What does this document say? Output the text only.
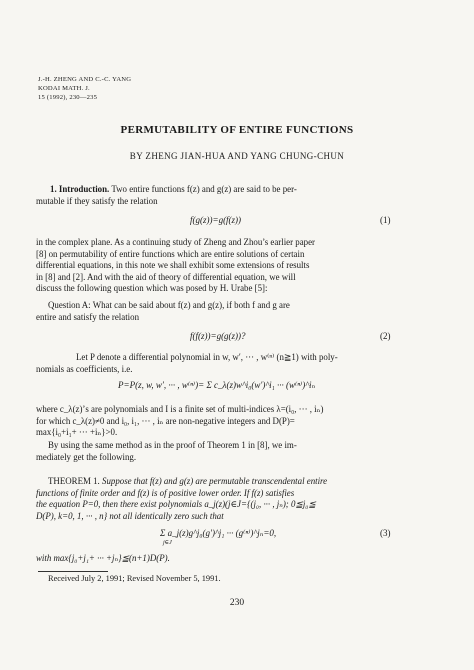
J.-H. ZHENG AND C.-C. YANG
KODAI MATH. J.
15 (1992), 230—235
PERMUTABILITY OF ENTIRE FUNCTIONS
BY ZHENG JIAN-HUA AND YANG CHUNG-CHUN
1. Introduction. Two entire functions f(z) and g(z) are said to be per-
mutable if they satisfy the relation
f(g(z))=g(f(z))	(1)
in the complex plane. As a continuing study of Zheng and Zhou’s earlier paper
[8] on permutability of entire functions which are entire solutions of certain
differential equations, in this note we shall exhibit some extensions of results
in [8] and [2]. And with the aid of theory of differential equation, we will
discuss the following question which was posed by H. Urabe [5]:
Question A: What can be said about f(z) and g(z), if both f and g are
entire and satisfy the relation
f(f(z))=g(g(z))?	(2)
Let P denote a differential polynomial in w, w′, ··· , w⁽ⁿ⁾ (n≧1) with poly-
nomials as coefficients, i.e.
P=P(z, w, w′, ··· , w⁽ⁿ⁾)= Σ c_λ(z)w^i₀(w′)^i₁ ··· (w⁽ⁿ⁾)^iₙ
where c_λ(z)’s are polynomials and I is a finite set of multi-indices λ=(i₀, ··· , iₙ)
for which c_λ(z)≠0 and i₀, i₁, ··· , iₙ are non-negative integers and D(P)=
max{i₀+i₁+ ··· +iₙ}>0.
By using the same method as in the proof of Theorem 1 in [8], we im-
mediately get the following.
THEOREM 1. Suppose that f(z) and g(z) are permutable transcendental entire
functions of finite order and f(z) is of positive lower order. If f(z) satisfies
the equation P=0, then there exist polynomials a_j(z)(j∈J={(j₀, ··· , jₙ); 0≦j₀≦
D(P), k=0, 1, ··· , n} not all identically zero such that
Σ a_j(z)g^j₀(g′)^j₁ ··· (g⁽ⁿ⁾)^jₙ=0,
j∈J
(3)
with max{j₀+j₁+ ··· +jₙ}≦(n+1)D(P).
Received July 2, 1991; Revised November 5, 1991.
230
